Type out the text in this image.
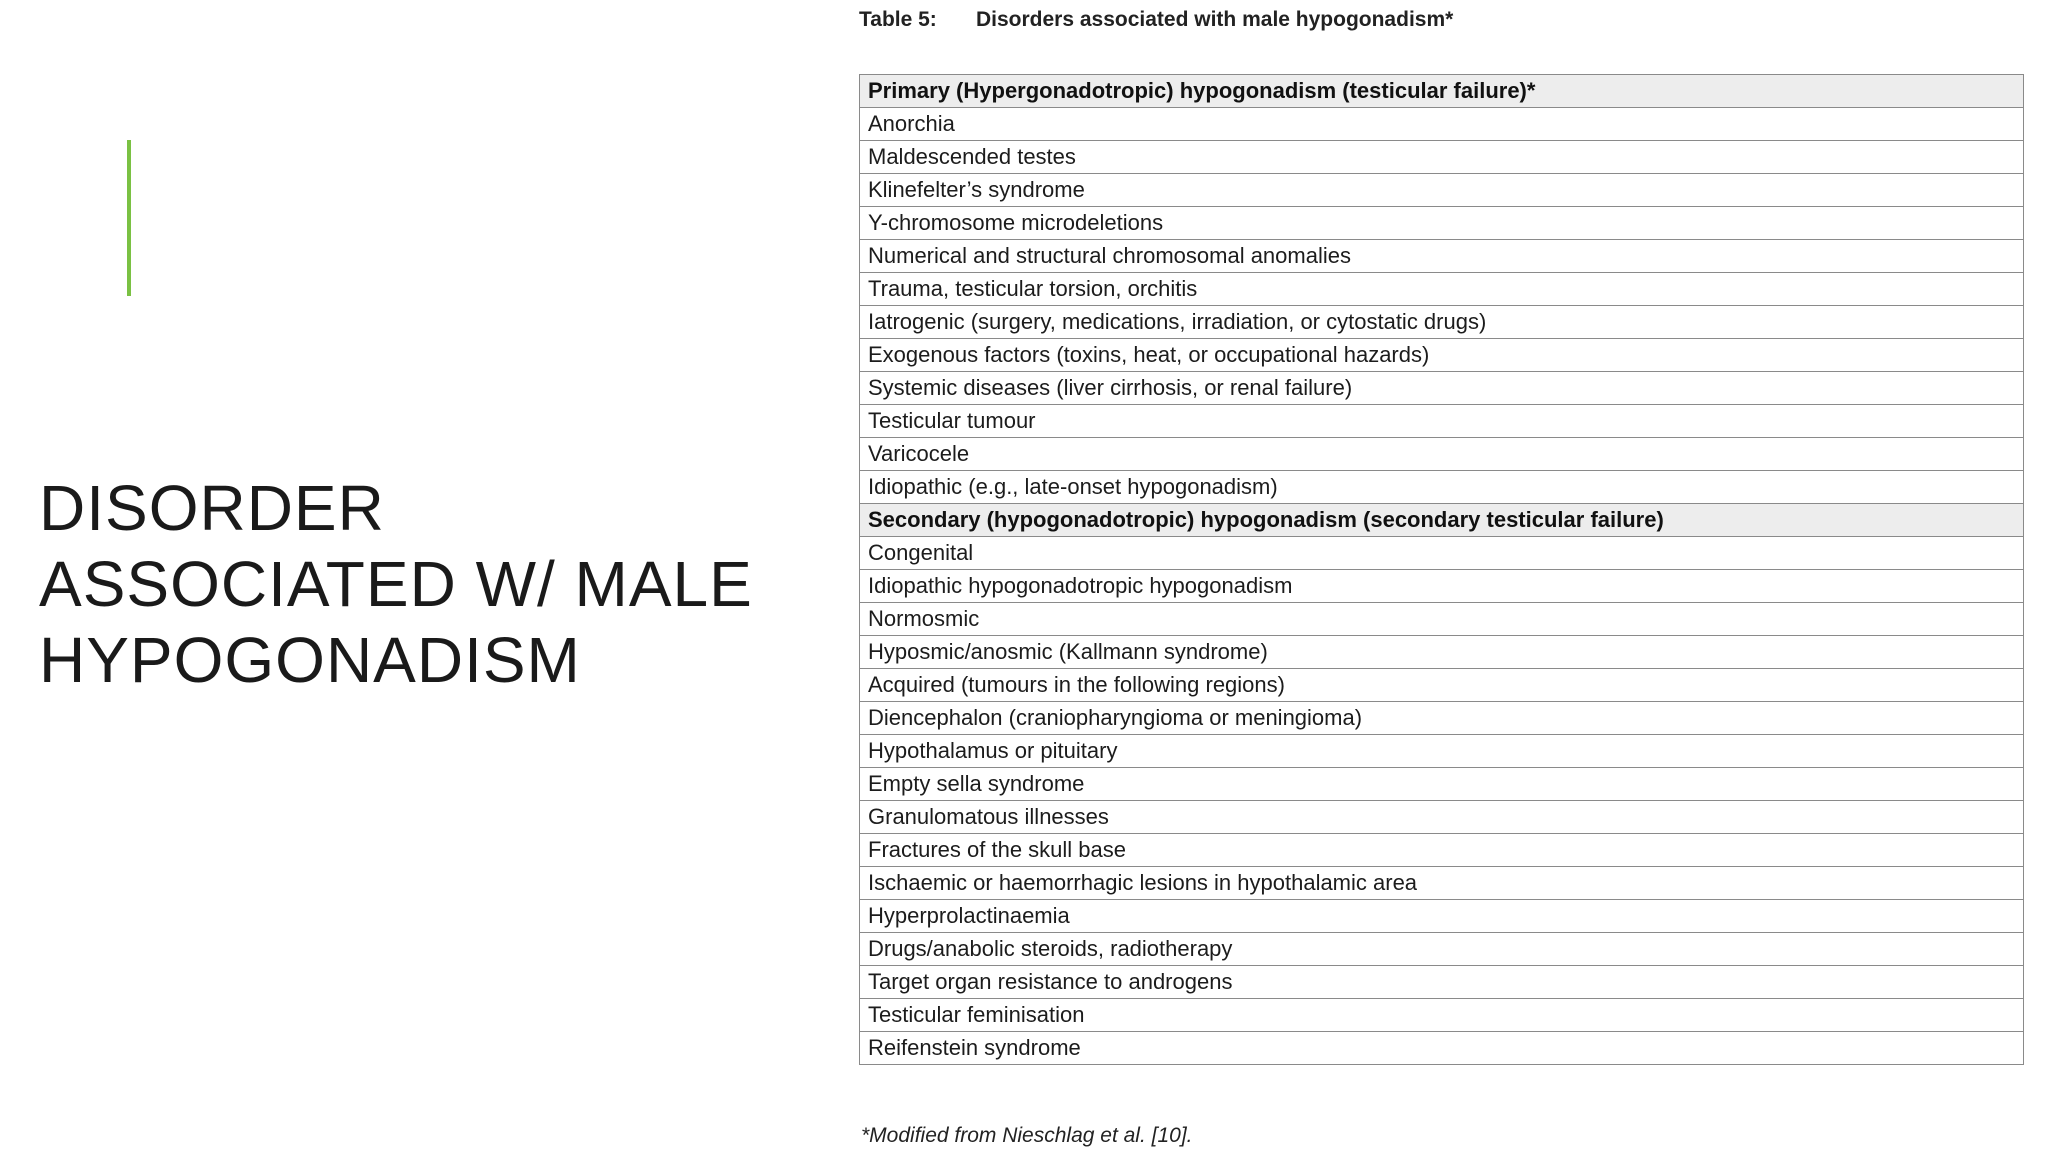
DISORDER
ASSOCIATED W/ MALE
HYPOGONADISM
Table 5: Disorders associated with male hypogonadism*
Primary (Hypergonadotropic) hypogonadism (testicular failure)*
Anorchia
Maldescended testes
Klinefelter’s syndrome
Y-chromosome microdeletions
Numerical and structural chromosomal anomalies
Trauma, testicular torsion, orchitis
Iatrogenic (surgery, medications, irradiation, or cytostatic drugs)
Exogenous factors (toxins, heat, or occupational hazards)
Systemic diseases (liver cirrhosis, or renal failure)
Testicular tumour
Varicocele
Idiopathic (e.g., late-onset hypogonadism)
Secondary (hypogonadotropic) hypogonadism (secondary testicular failure)
Congenital
Idiopathic hypogonadotropic hypogonadism
Normosmic
Hyposmic/anosmic (Kallmann syndrome)
Acquired (tumours in the following regions)
Diencephalon (craniopharyngioma or meningioma)
Hypothalamus or pituitary
Empty sella syndrome
Granulomatous illnesses
Fractures of the skull base
Ischaemic or haemorrhagic lesions in hypothalamic area
Hyperprolactinaemia
Drugs/anabolic steroids, radiotherapy
Target organ resistance to androgens
Testicular feminisation
Reifenstein syndrome
*Modified from Nieschlag et al. [10].
